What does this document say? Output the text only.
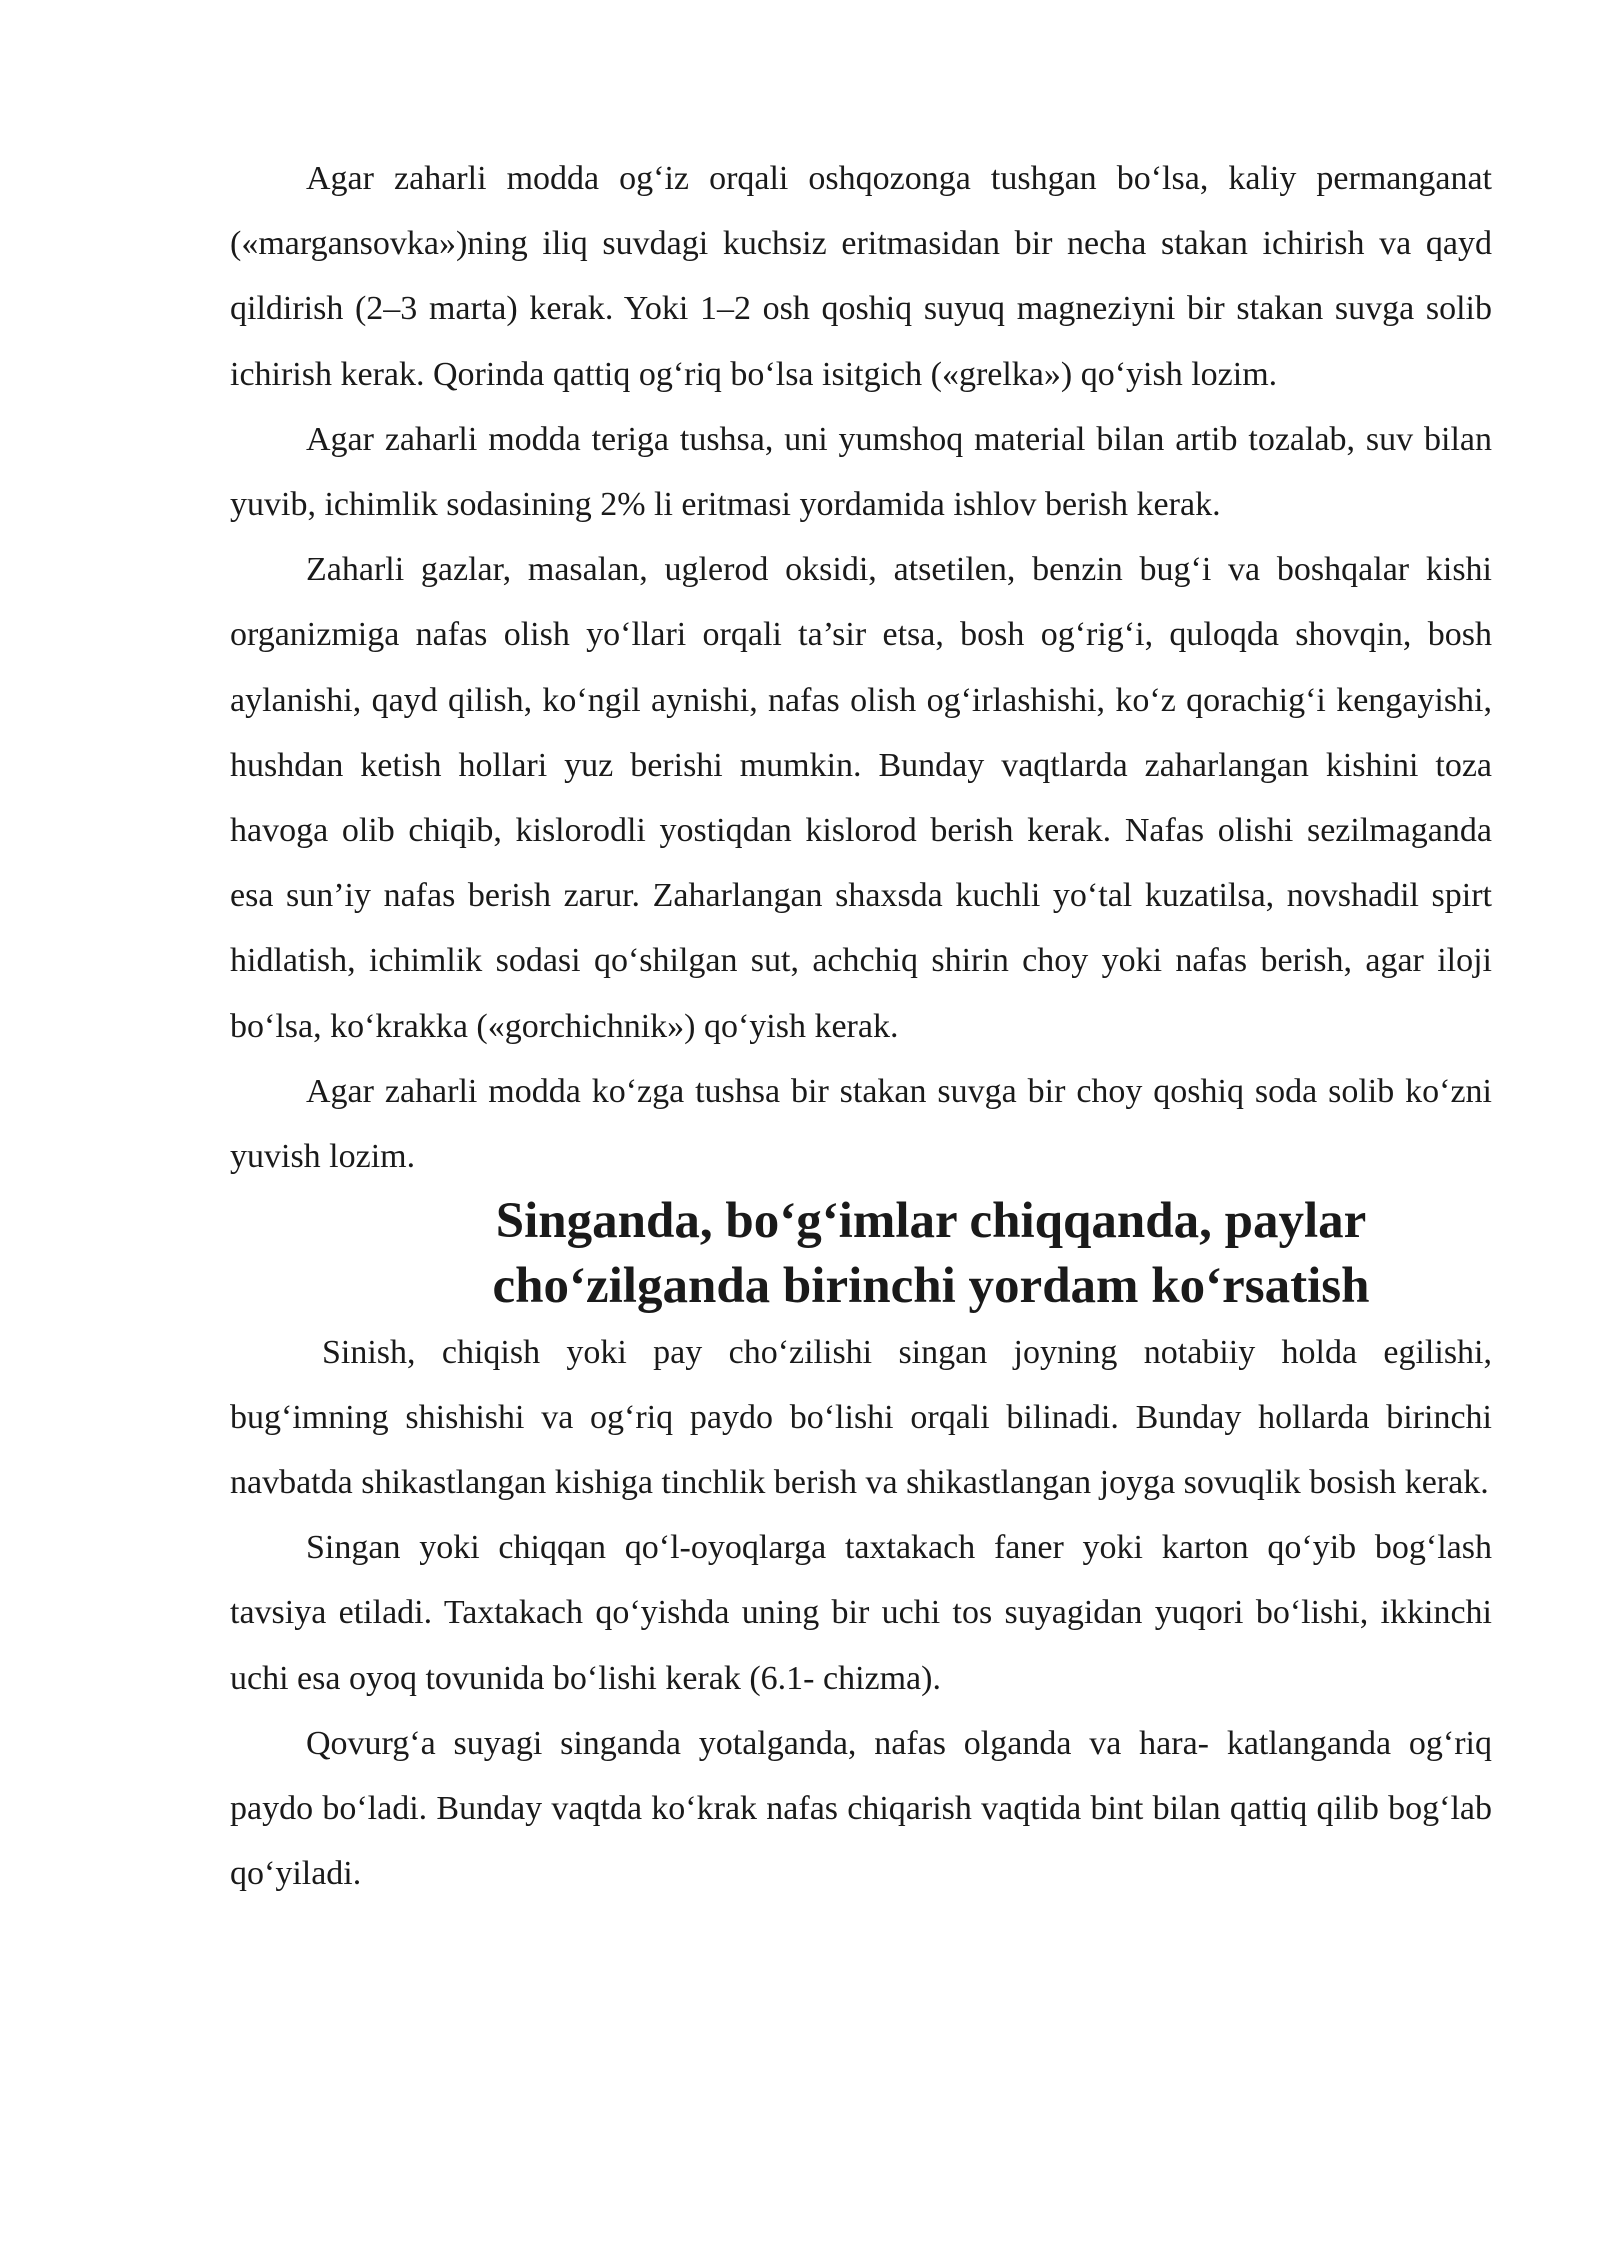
Agar zaharli modda og‘iz orqali oshqozonga tushgan bo‘lsa, kaliy permanganat («margansovka»)ning iliq suvdagi kuchsiz eritmasidan bir necha stakan ichirish va qayd qildirish (2–3 marta) kerak. Yoki 1–2 osh qoshiq suyuq magneziyni bir stakan suvga solib ichirish kerak. Qorinda qattiq og‘riq bo‘lsa isitgich («grelka») qo‘yish lozim.

Agar zaharli modda teriga tushsa, uni yumshoq material bilan artib tozalab, suv bilan yuvib, ichimlik sodasining 2% li eritmasi yordamida ishlov berish kerak.

Zaharli gazlar, masalan, uglerod oksidi, atsetilen, benzin bug‘i va boshqalar kishi organizmiga nafas olish yo‘llari orqali ta’sir etsa, bosh og‘rig‘i, quloqda shovqin, bosh aylanishi, qayd qilish, ko‘ngil aynishi, nafas olish og‘irlashishi, ko‘z qorachig‘i kengayishi, hushdan ketish hollari yuz berishi mumkin. Bunday vaqtlarda zaharlangan kishini toza havoga olib chiqib, kislorodli yostiqdan kislorod berish kerak. Nafas olishi sezilmaganda esa sun’iy nafas berish zarur. Zaharlangan shaxsda kuchli yo‘tal kuzatilsa, novshadil spirt hidlatish, ichimlik sodasi qo‘shilgan sut, achchiq shirin choy yoki nafas berish, agar iloji bo‘lsa, ko‘krakka («gorchichnik») qo‘yish kerak.

Agar zaharli modda ko‘zga tushsa bir stakan suvga bir choy qoshiq soda solib ko‘zni yuvish lozim.

Singanda, bo‘g‘imlar chiqqanda, paylar cho‘zilganda birinchi yordam ko‘rsatish

Sinish, chiqish yoki pay cho‘zilishi singan joyning notabiiy holda egilishi, bug‘imning shishishi va og‘riq paydo bo‘lishi orqali bilinadi. Bunday hollarda birinchi navbatda shikastlangan kishiga tinchlik berish va shikastlangan joyga sovuqlik bosish kerak.

Singan yoki chiqqan qo‘l-oyoqlarga taxtakach faner yoki karton qo‘yib bog‘lash tavsiya etiladi. Taxtakach qo‘yishda uning bir uchi tos suyagidan yuqori bo‘lishi, ikkinchi uchi esa oyoq tovunida bo‘lishi kerak (6.1- chizma).

Qovurg‘a suyagi singanda yotalganda, nafas olganda va hara- katlanganda og‘riq paydo bo‘ladi. Bunday vaqtda ko‘krak nafas chiqarish vaqtida bint bilan qattiq qilib bog‘lab qo‘yiladi.
